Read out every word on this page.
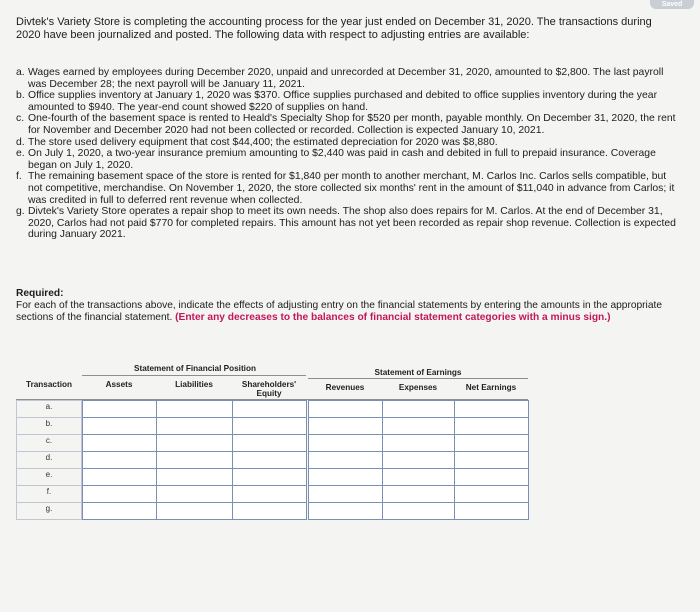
Saved

Divtek's Variety Store is completing the accounting process for the year just ended on December 31, 2020. The transactions during 2020 have been journalized and posted. The following data with respect to adjusting entries are available:

a. Wages earned by employees during December 2020, unpaid and unrecorded at December 31, 2020, amounted to $2,800. The last payroll was December 28; the next payroll will be January 11, 2021.
b. Office supplies inventory at January 1, 2020 was $370. Office supplies purchased and debited to office supplies inventory during the year amounted to $940. The year-end count showed $220 of supplies on hand.
c. One-fourth of the basement space is rented to Heald's Specialty Shop for $520 per month, payable monthly. On December 31, 2020, the rent for November and December 2020 had not been collected or recorded. Collection is expected January 10, 2021.
d. The store used delivery equipment that cost $44,400; the estimated depreciation for 2020 was $8,880.
e. On July 1, 2020, a two-year insurance premium amounting to $2,440 was paid in cash and debited in full to prepaid insurance. Coverage began on July 1, 2020.
f. The remaining basement space of the store is rented for $1,840 per month to another merchant, M. Carlos Inc. Carlos sells compatible, but not competitive, merchandise. On November 1, 2020, the store collected six months' rent in the amount of $11,040 in advance from Carlos; it was credited in full to deferred rent revenue when collected.
g. Divtek's Variety Store operates a repair shop to meet its own needs. The shop also does repairs for M. Carlos. At the end of December 31, 2020, Carlos had not paid $770 for completed repairs. This amount has not yet been recorded as repair shop revenue. Collection is expected during January 2021.
Required:
For each of the transactions above, indicate the effects of adjusting entry on the financial statements by entering the amounts in the appropriate sections of the financial statement. (Enter any decreases to the balances of financial statement categories with a minus sign.)
Statement of Financial Position	Statement of Earnings
Transaction	Assets	Liabilities	Shareholders' Equity
Revenues	Expenses	Net Earnings
a.
b.
c.
d.
e.
f.
g.
